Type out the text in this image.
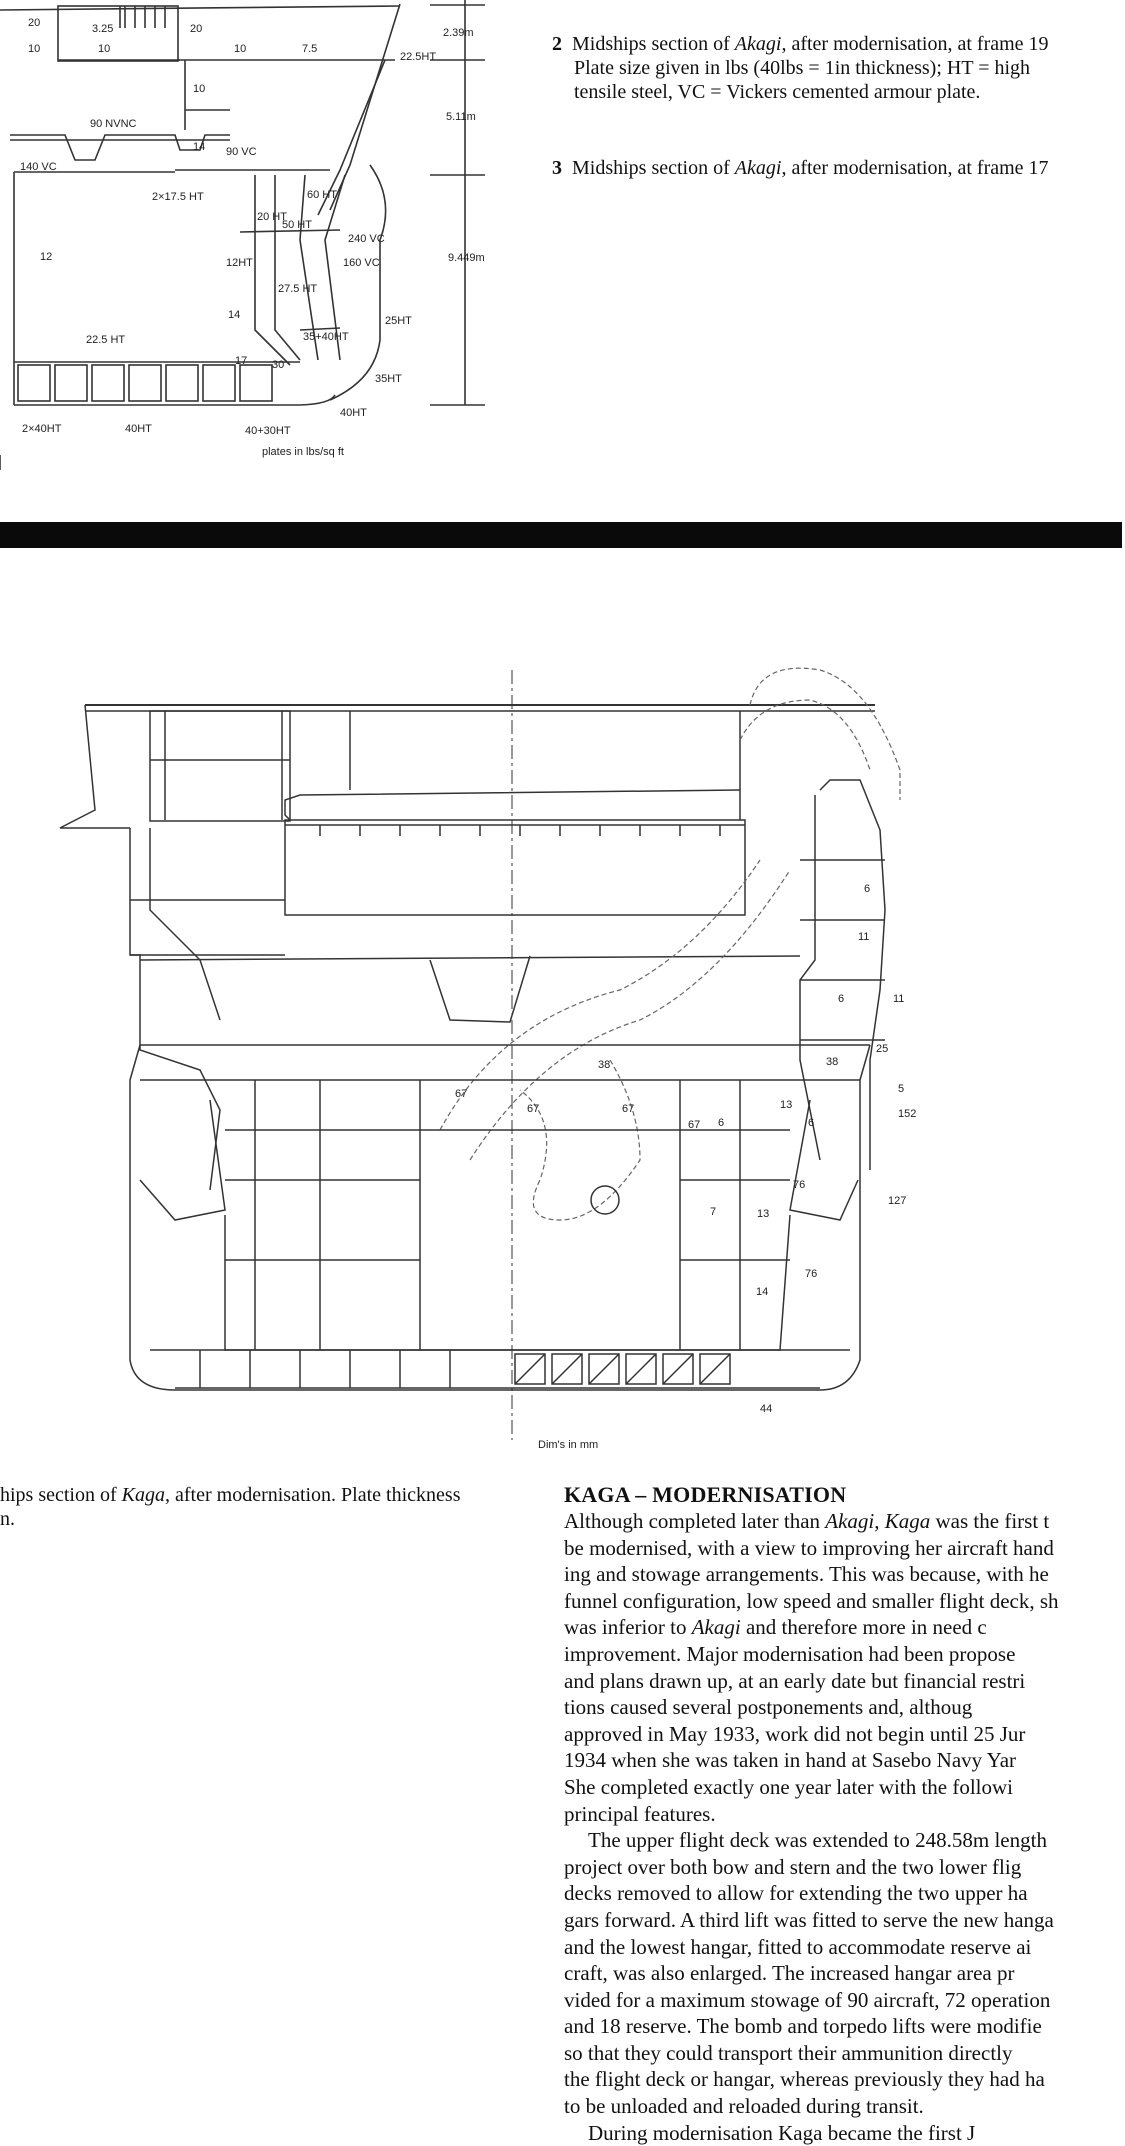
20
10
3.25
10
20
10	7.5
22.5HT
2.39m
10
90 NVNC
14 90 VC
140 VC
2×17.5 HT
5.11m
60 HT
20 HT
50 HT
240 VC
160 VC
12	12HT
27.5 HT
9.449m
14	25HT
35+40HT
22.5 HT
17 30
35HT
40HT
2×40HT	40HT	40+30HT
plates in lbs/sq ft
2 Midships section of Akagi, after modernisation, at frame 19
Plate size given in lbs (40lbs = 1in thickness); HT = high
tensile steel, VC = Vickers cemented armour plate.
3 Midships section of Akagi, after modernisation, at frame 17
6
11
6	11
25
38	38
5
152
67
67	67
67 6
13
6
76
127
7	13
76
14
44
Dim's in mm
hips section of Kaga, after modernisation. Plate thickness
n.
KAGA – MODERNISATION
Although completed later than Akagi, Kaga was the first t
be modernised, with a view to improving her aircraft hand
ing and stowage arrangements. This was because, with he
funnel configuration, low speed and smaller flight deck, sh
was inferior to Akagi and therefore more in need c
improvement. Major modernisation had been propose
and plans drawn up, at an early date but financial restri
tions caused several postponements and, althoug
approved in May 1933, work did not begin until 25 Jur
1934 when she was taken in hand at Sasebo Navy Yar
She completed exactly one year later with the followi
principal features.
The upper flight deck was extended to 248.58m length
project over both bow and stern and the two lower flig
decks removed to allow for extending the two upper ha
gars forward. A third lift was fitted to serve the new hanga
and the lowest hangar, fitted to accommodate reserve ai
craft, was also enlarged. The increased hangar area pr
vided for a maximum stowage of 90 aircraft, 72 operation
and 18 reserve. The bomb and torpedo lifts were modifie
so that they could transport their ammunition directly
the flight deck or hangar, whereas previously they had ha
to be unloaded and reloaded during transit.
During modernisation Kaga became the first J
